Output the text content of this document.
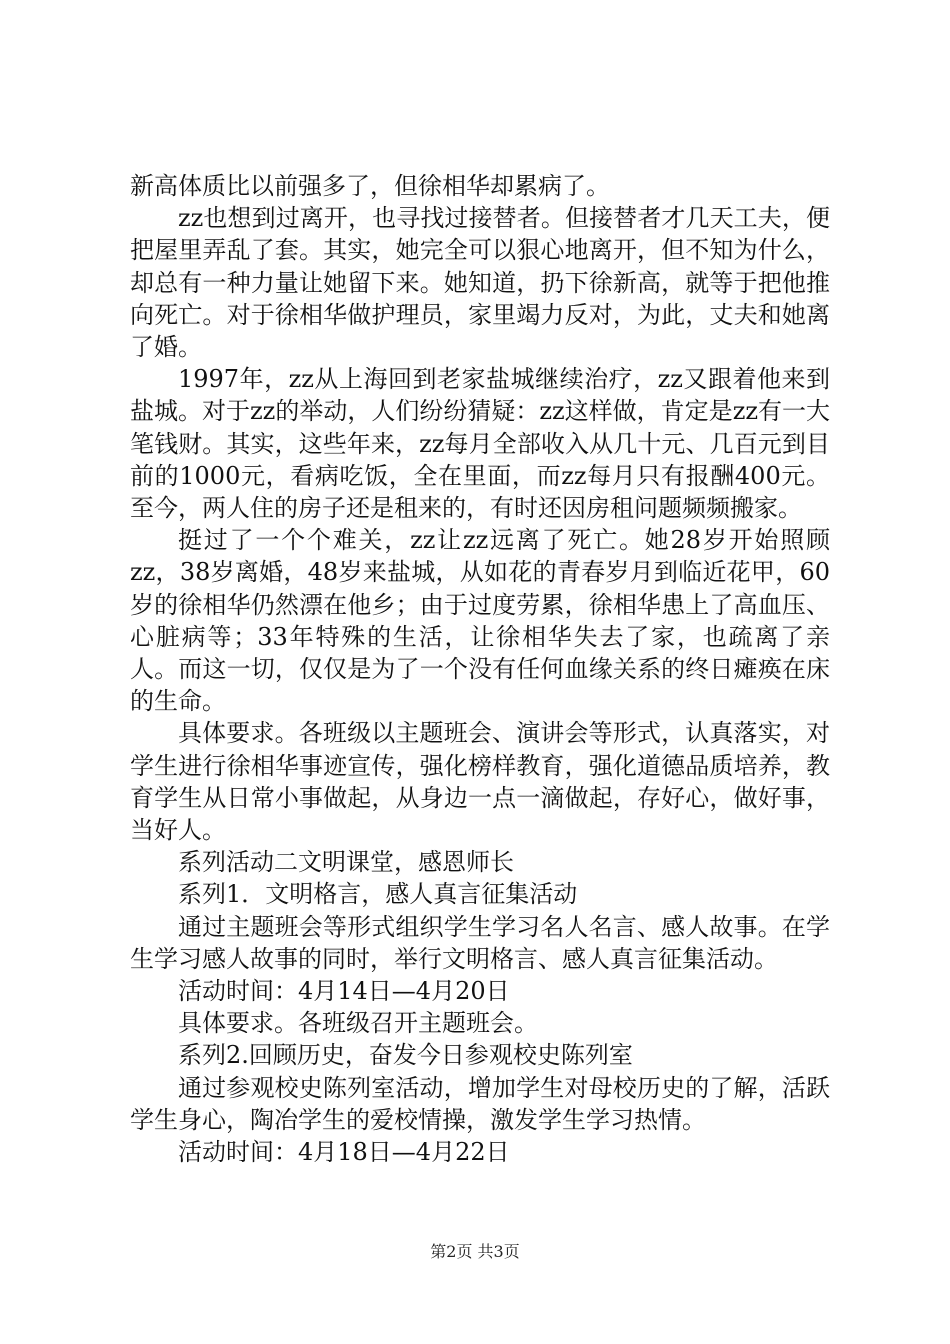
新高体质比以前强多了，但徐相华却累病了。

zz也想到过离开，也寻找过接替者。但接替者才几天工夫，便把屋里弄乱了套。其实，她完全可以狠心地离开，但不知为什么，却总有一种力量让她留下来。她知道，扔下徐新高，就等于把他推向死亡。对于徐相华做护理员，家里竭力反对，为此，丈夫和她离了婚。

1997年，zz从上海回到老家盐城继续治疗，zz又跟着他来到盐城。对于zz的举动，人们纷纷猜疑：zz这样做，肯定是zz有一大笔钱财。其实，这些年来，zz每月全部收入从几十元、几百元到目前的1000元，看病吃饭，全在里面，而zz每月只有报酬400元。至今，两人住的房子还是租来的，有时还因房租问题频频搬家。

挺过了一个个难关，zz让zz远离了死亡。她28岁开始照顾zz，38岁离婚，48岁来盐城，从如花的青春岁月到临近花甲，60岁的徐相华仍然漂在他乡；由于过度劳累，徐相华患上了高血压、心脏病等；33年特殊的生活，让徐相华失去了家，也疏离了亲人。而这一切，仅仅是为了一个没有任何血缘关系的终日瘫痪在床的生命。

具体要求。各班级以主题班会、演讲会等形式，认真落实，对学生进行徐相华事迹宣传，强化榜样教育，强化道德品质培养，教育学生从日常小事做起，从身边一点一滴做起，存好心，做好事，当好人。

系列活动二文明课堂，感恩师长

系列1．文明格言，感人真言征集活动

通过主题班会等形式组织学生学习名人名言、感人故事。在学生学习感人故事的同时，举行文明格言、感人真言征集活动。

活动时间：4月14日—4月20日

具体要求。各班级召开主题班会。

系列2.回顾历史，奋发今日参观校史陈列室

通过参观校史陈列室活动，增加学生对母校历史的了解，活跃学生身心，陶冶学生的爱校情操，激发学生学习热情。

活动时间：4月18日—4月22日

第2页 共3页
